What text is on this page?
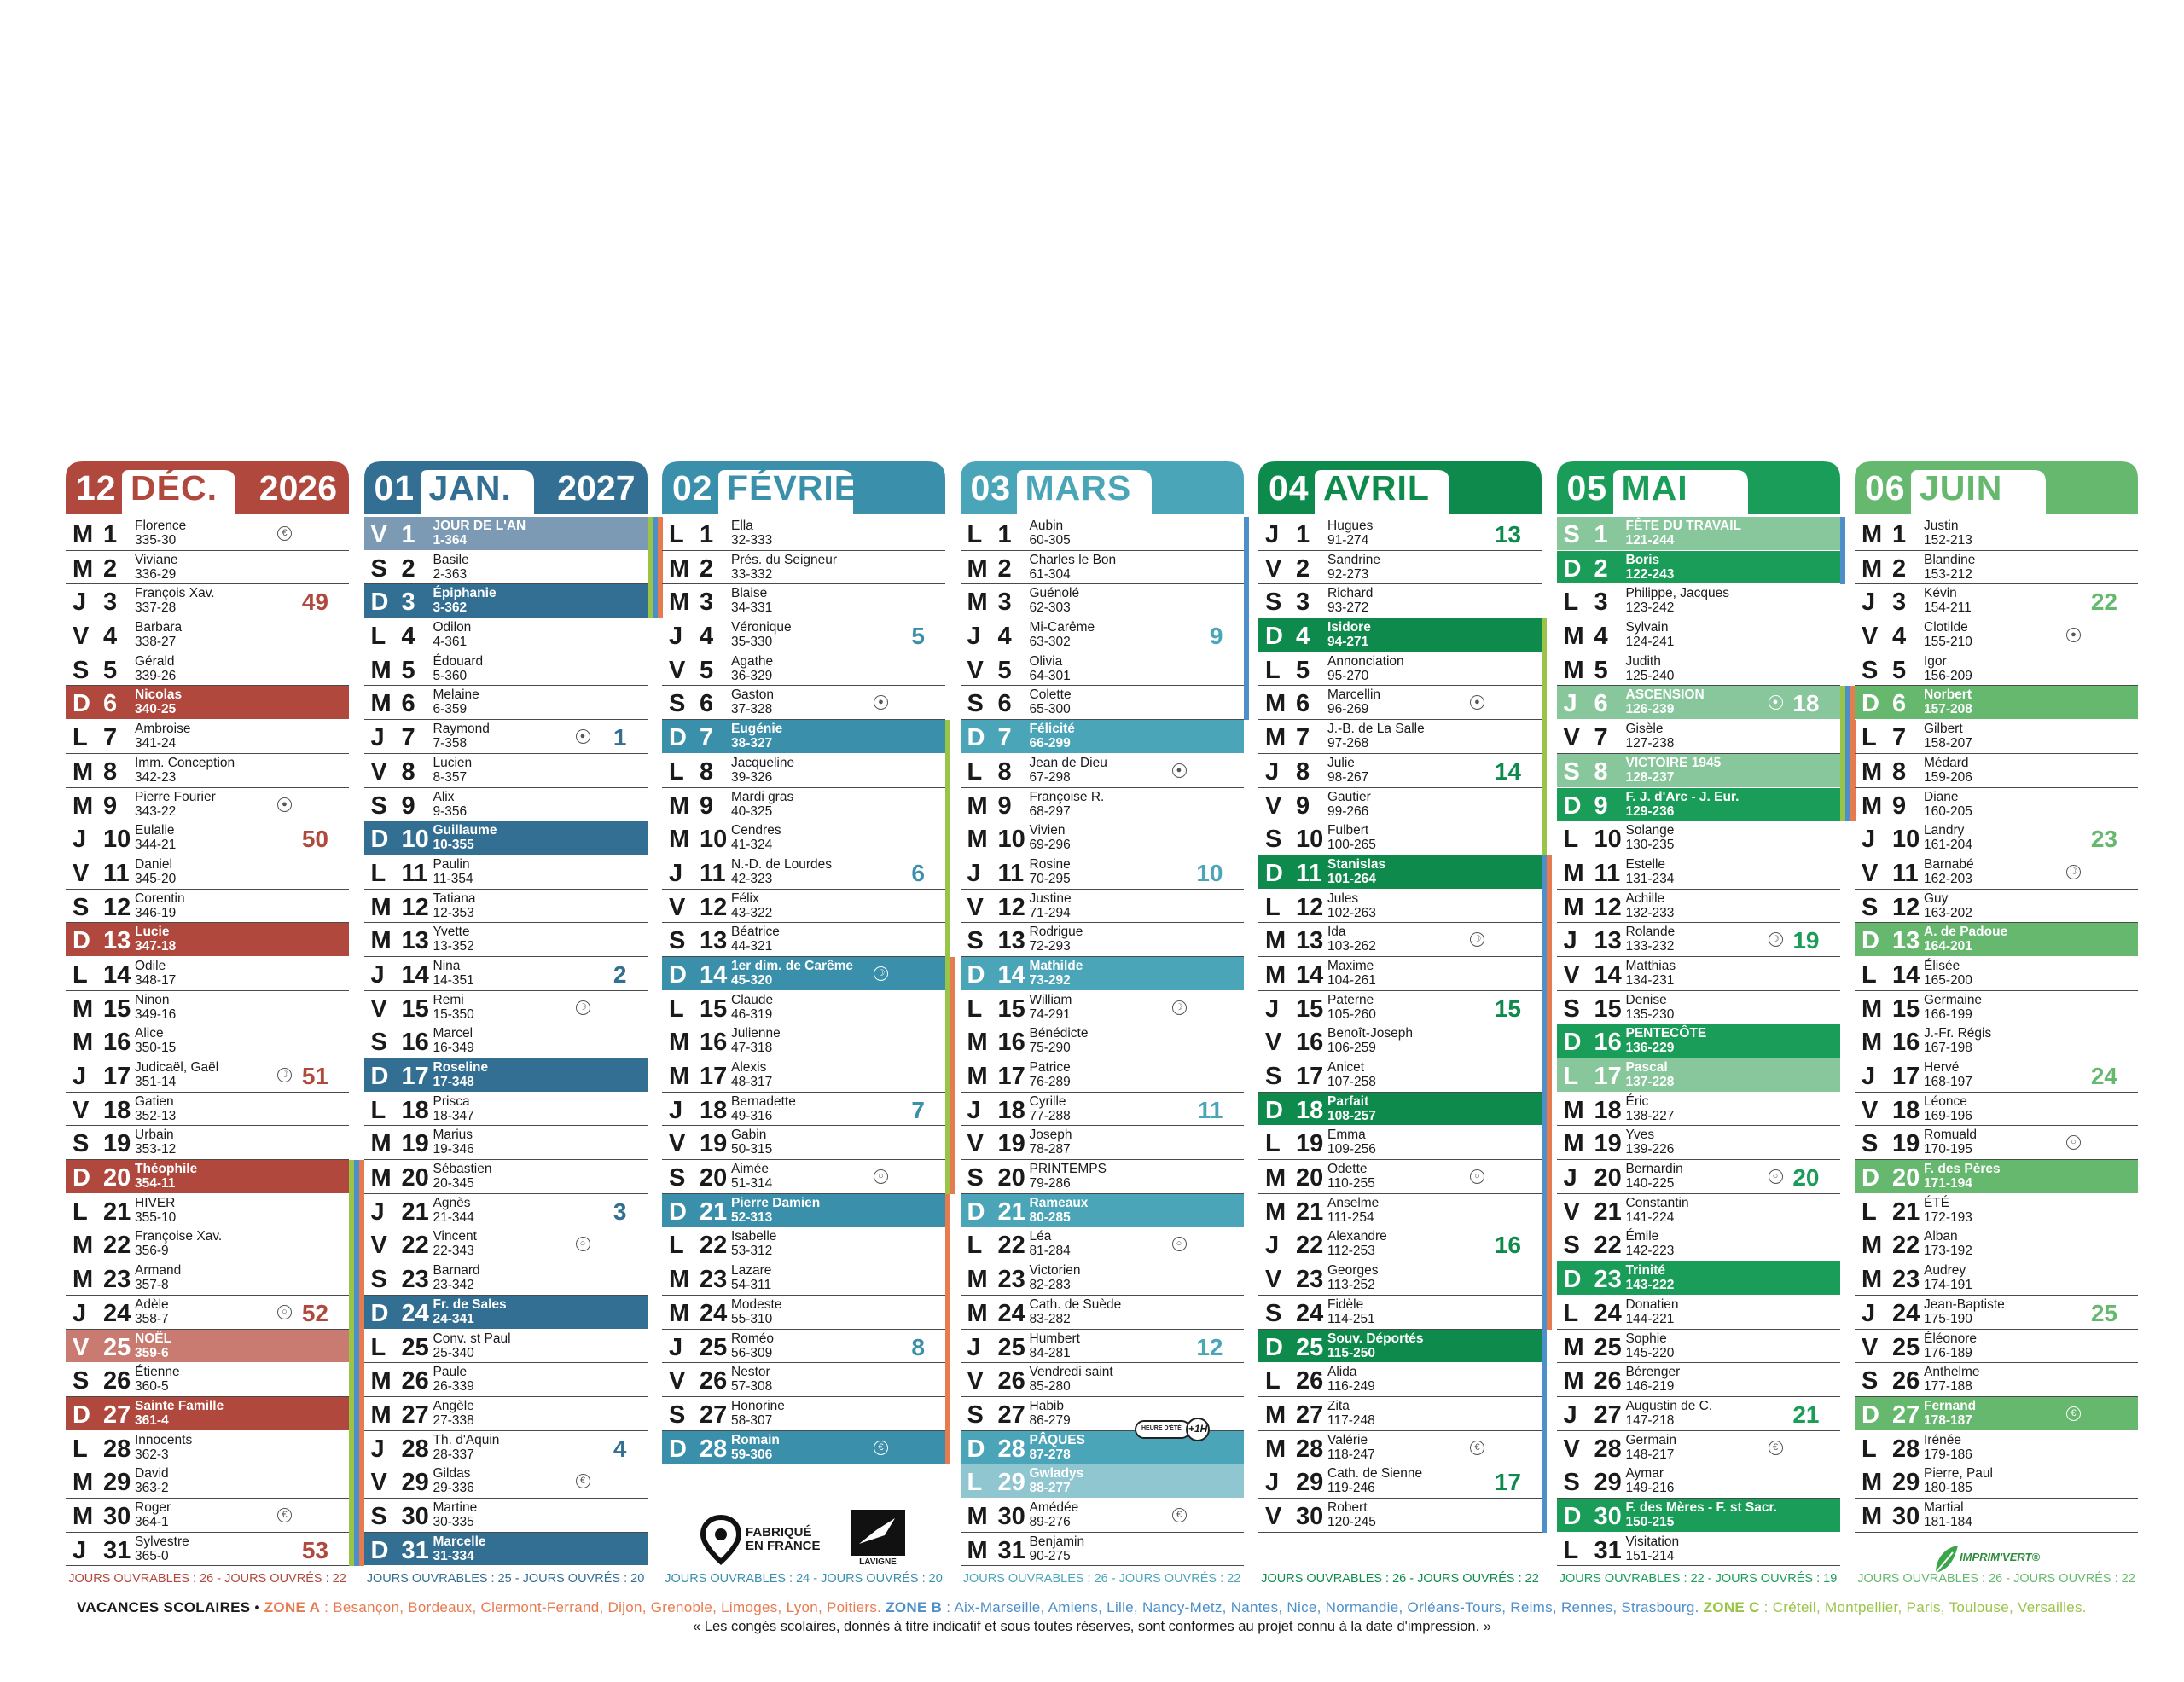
12 DÉC. 2026
M 1 Florence
335-30	€
M 2 Viviane
336-29
J 3 François Xav.
337-28	49
V 4 Barbara
338-27
S 5 Gérald
339-26
D 6 Nicolas
340-25
L 7 Ambroise
341-24
M 8 Imm. Conception
342-23
M 9 Pierre Fourier
343-22	●
J 10 Eulalie
344-21	50
V 11 Daniel
345-20
S 12 Corentin
346-19
D 13 Lucie
347-18
L 14 Odile
348-17
M 15 Ninon
349-16
M 16 Alice
350-15
J 17 Judicaël, Gaël
351-14	☽ 51
V 18 Gatien
352-13
S 19 Urbain
353-12
D 20 Théophile
354-11
L 21 HIVER
355-10
M 22 Françoise Xav.
356-9
M 23 Armand
357-8
J 24 Adèle
358-7	○ 52
V 25 NOËL
359-6
S 26 Étienne
360-5
D 27 Sainte Famille
361-4
L 28 Innocents
362-3
M 29 David
363-2
M 30 Roger
364-1	€
J 31 Sylvestre
365-0	53
JOURS OUVRABLES : 26 - JOURS OUVRÉS : 22
01 JAN. 2027
V 1 JOUR DE L'AN
1-364
S 2 Basile
2-363
D 3 Épiphanie
3-362
L 4 Odilon
4-361
M 5 Édouard
5-360
M 6 Melaine
6-359
J 7 Raymond
7-358	● 1
V 8 Lucien
8-357
S 9 Alix
9-356
D 10 Guillaume
10-355
L 11 Paulin
11-354
M 12 Tatiana
12-353
M 13 Yvette
13-352
J 14 Nina
14-351	2
V 15 Remi
15-350	☽
S 16 Marcel
16-349
D 17 Roseline
17-348
L 18 Prisca
18-347
M 19 Marius
19-346
M 20 Sébastien
20-345
J 21 Agnès
21-344	3
V 22 Vincent
22-343	○
S 23 Barnard
23-342
D 24 Fr. de Sales
24-341
L 25 Conv. st Paul
25-340
M 26 Paule
26-339
M 27 Angèle
27-338
J 28 Th. d'Aquin
28-337	4
V 29 Gildas
29-336	€
S 30 Martine
30-335
D 31 Marcelle
31-334
JOURS OUVRABLES : 25 - JOURS OUVRÉS : 20
02 FÉVRIER
L 1 Ella
32-333
M 2 Prés. du Seigneur
33-332
M 3 Blaise
34-331
J 4 Véronique
35-330	5
V 5 Agathe
36-329
S 6 Gaston
37-328	●
D 7 Eugénie
38-327
L 8 Jacqueline
39-326
M 9 Mardi gras
40-325
M 10 Cendres
41-324
J 11 N.-D. de Lourdes
42-323	6
V 12 Félix
43-322
S 13 Béatrice
44-321
D 14 1er dim. de Carême
45-320	☽
L 15 Claude
46-319
M 16 Julienne
47-318
M 17 Alexis
48-317
J 18 Bernadette
49-316	7
V 19 Gabin
50-315
S 20 Aimée
51-314	○
D 21 Pierre Damien
52-313
L 22 Isabelle
53-312
M 23 Lazare
54-311
M 24 Modeste
55-310
J 25 Roméo
56-309	8
V 26 Nestor
57-308
S 27 Honorine
58-307
D 28 Romain
59-306	€
JOURS OUVRABLES : 24 - JOURS OUVRÉS : 20
03 MARS
L 1 Aubin
60-305
M 2 Charles le Bon
61-304
M 3 Guénolé
62-303
J 4 Mi-Carême
63-302	9
V 5 Olivia
64-301
S 6 Colette
65-300
D 7 Félicité
66-299
L 8 Jean de Dieu
67-298	●
M 9 Françoise R.
68-297
M 10 Vivien
69-296
J 11 Rosine
70-295	10
V 12 Justine
71-294
S 13 Rodrigue
72-293
D 14 Mathilde
73-292
L 15 William
74-291	☽
M 16 Bénédicte
75-290
M 17 Patrice
76-289
J 18 Cyrille
77-288	11
V 19 Joseph
78-287
S 20 PRINTEMPS
79-286
D 21 Rameaux
80-285
L 22 Léa
81-284	○
M 23 Victorien
82-283
M 24 Cath. de Suède
83-282
J 25 Humbert
84-281	12
V 26 Vendredi saint
85-280
S 27 Habib
86-279
D 28 PÂQUES
87-278
L 29 Gwladys
88-277
M 30 Amédée
89-276	€
M 31 Benjamin
90-275
JOURS OUVRABLES : 26 - JOURS OUVRÉS : 22
04 AVRIL
J 1 Hugues
91-274	13
V 2 Sandrine
92-273
S 3 Richard
93-272
D 4 Isidore
94-271
L 5 Annonciation
95-270
M 6 Marcellin
96-269	●
M 7 J.-B. de La Salle
97-268
J 8 Julie
98-267	14
V 9 Gautier
99-266
S 10 Fulbert
100-265
D 11 Stanislas
101-264
L 12 Jules
102-263
M 13 Ida
103-262	☽
M 14 Maxime
104-261
J 15 Paterne
105-260	15
V 16 Benoît-Joseph
106-259
S 17 Anicet
107-258
D 18 Parfait
108-257
L 19 Emma
109-256
M 20 Odette
110-255	○
M 21 Anselme
111-254
J 22 Alexandre
112-253	16
V 23 Georges
113-252
S 24 Fidèle
114-251
D 25 Souv. Déportés
115-250
L 26 Alida
116-249
M 27 Zita
117-248
M 28 Valérie
118-247	€
J 29 Cath. de Sienne
119-246	17
V 30 Robert
120-245
JOURS OUVRABLES : 26 - JOURS OUVRÉS : 22
05 MAI
S 1 FÊTE DU TRAVAIL
121-244
D 2 Boris
122-243
L 3 Philippe, Jacques
123-242
M 4 Sylvain
124-241
M 5 Judith
125-240
J 6 ASCENSION
126-239	● 18
V 7 Gisèle
127-238
S 8 VICTOIRE 1945
128-237
D 9 F. J. d'Arc - J. Eur.
129-236
L 10 Solange
130-235
M 11 Estelle
131-234
M 12 Achille
132-233
J 13 Rolande
133-232	☽ 19
V 14 Matthias
134-231
S 15 Denise
135-230
D 16 PENTECÔTE
136-229
L 17 Pascal
137-228
M 18 Éric
138-227
M 19 Yves
139-226
J 20 Bernardin
140-225	○ 20
V 21 Constantin
141-224
S 22 Émile
142-223
D 23 Trinité
143-222
L 24 Donatien
144-221
M 25 Sophie
145-220
M 26 Bérenger
146-219
J 27 Augustin de C.
147-218	21
V 28 Germain
148-217	€
S 29 Aymar
149-216
D 30 F. des Mères - F. st Sacr.
150-215
L 31 Visitation
151-214
JOURS OUVRABLES : 22 - JOURS OUVRÉS : 19
06 JUIN
M 1 Justin
152-213
M 2 Blandine
153-212
J 3 Kévin
154-211	22
V 4 Clotilde
155-210	●
S 5 Igor
156-209
D 6 Norbert
157-208
L 7 Gilbert
158-207
M 8 Médard
159-206
M 9 Diane
160-205
J 10 Landry
161-204	23
V 11 Barnabé
162-203	☽
S 12 Guy
163-202
D 13 A. de Padoue
164-201
L 14 Élisée
165-200
M 15 Germaine
166-199
M 16 J.-Fr. Régis
167-198
J 17 Hervé
168-197	24
V 18 Léonce
169-196
S 19 Romuald
170-195	○
D 20 F. des Pères
171-194
L 21 ÉTÉ
172-193
M 22 Alban
173-192
M 23 Audrey
174-191
J 24 Jean-Baptiste
175-190	25
V 25 Éléonore
176-189
S 26 Anthelme
177-188
D 27 Fernand
178-187	€
L 28 Irénée
179-186
M 29 Pierre, Paul
180-185
M 30 Martial
181-184
JOURS OUVRABLES : 26 - JOURS OUVRÉS : 22
VACANCES SCOLAIRES • ZONE A : Besançon, Bordeaux, Clermont-Ferrand, Dijon, Grenoble, Limoges, Lyon, Poitiers. ZONE B : Aix-Marseille, Amiens, Lille, Nancy-Metz, Nantes, Nice, Normandie, Orléans-Tours, Reims, Rennes, Strasbourg. ZONE C : Créteil, Montpellier, Paris, Toulouse, Versailles.
« Les congés scolaires, donnés à titre indicatif et sous toutes réserves, sont conformes au projet connu à la date d'impression. »
HEURE D'ÉTÉ +1H
FABRIQUÉ EN FRANCE
LAVIGNE	IMPRIM'VERT®
